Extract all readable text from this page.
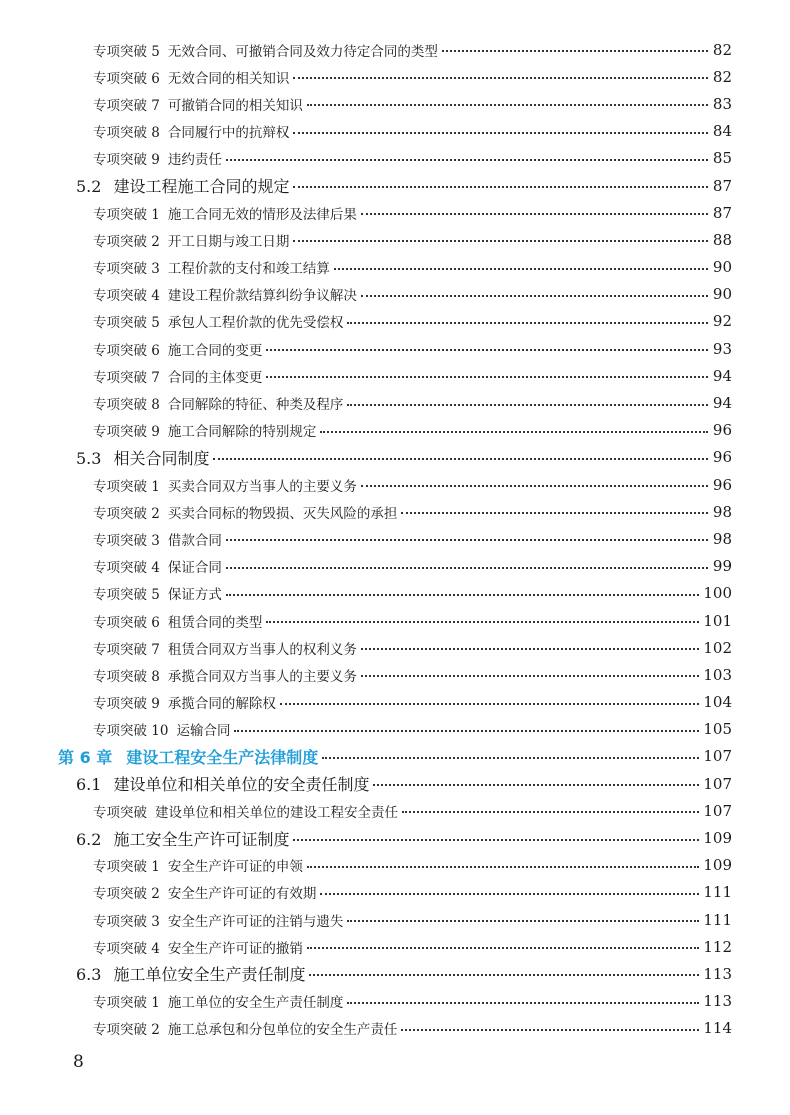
专项突破 5 无效合同、可撤销合同及效力待定合同的类型	82
专项突破 6 无效合同的相关知识	82
专项突破 7 可撤销合同的相关知识	83
专项突破 8 合同履行中的抗辩权	84
专项突破 9 违约责任	85
5.2 建设工程施工合同的规定	87
专项突破 1 施工合同无效的情形及法律后果	87
专项突破 2 开工日期与竣工日期	88
专项突破 3 工程价款的支付和竣工结算	90
专项突破 4 建设工程价款结算纠纷争议解决	90
专项突破 5 承包人工程价款的优先受偿权	92
专项突破 6 施工合同的变更	93
专项突破 7 合同的主体变更	94
专项突破 8 合同解除的特征、种类及程序	94
专项突破 9 施工合同解除的特别规定	96
5.3 相关合同制度	96
专项突破 1 买卖合同双方当事人的主要义务	96
专项突破 2 买卖合同标的物毁损、灭失风险的承担	98
专项突破 3 借款合同	98
专项突破 4 保证合同	99
专项突破 5 保证方式	100
专项突破 6 租赁合同的类型	101
专项突破 7 租赁合同双方当事人的权利义务	102
专项突破 8 承揽合同双方当事人的主要义务	103
专项突破 9 承揽合同的解除权	104
专项突破 10 运输合同	105
第 6 章 建设工程安全生产法律制度	107
6.1 建设单位和相关单位的安全责任制度	107
专项突破 建设单位和相关单位的建设工程安全责任	107
6.2 施工安全生产许可证制度	109
专项突破 1 安全生产许可证的申领	109
专项突破 2 安全生产许可证的有效期	111
专项突破 3 安全生产许可证的注销与遗失	111
专项突破 4 安全生产许可证的撤销	112
6.3 施工单位安全生产责任制度	113
专项突破 1 施工单位的安全生产责任制度	113
专项突破 2 施工总承包和分包单位的安全生产责任	114
8
